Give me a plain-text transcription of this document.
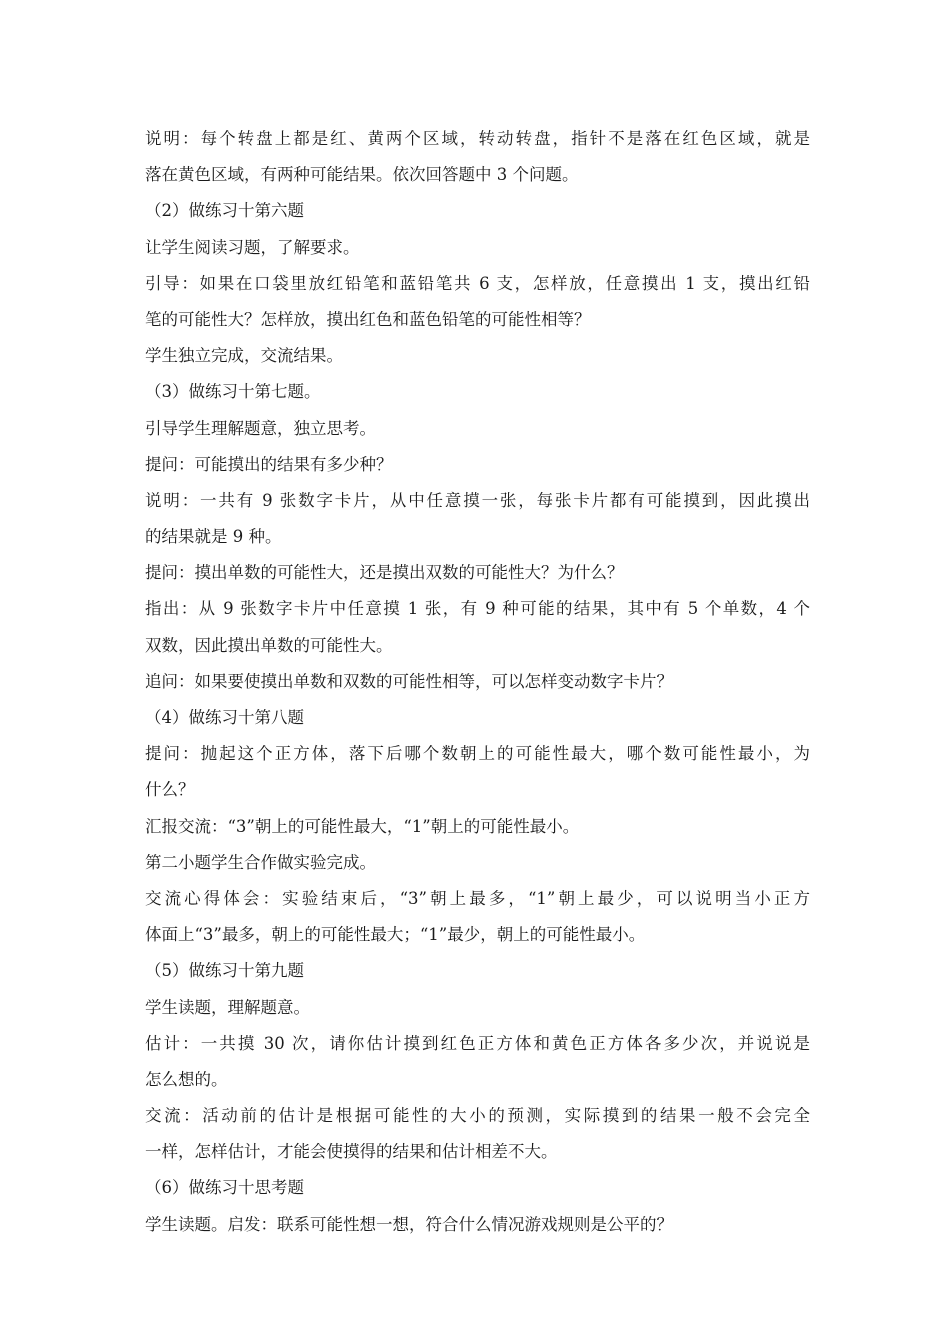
说明：每个转盘上都是红、黄两个区域，转动转盘，指针不是落在红色区域，就是
落在黄色区域，有两种可能结果。依次回答题中 3 个问题。
（2）做练习十第六题
让学生阅读习题，了解要求。
引导：如果在口袋里放红铅笔和蓝铅笔共 6 支，怎样放，任意摸出 1 支，摸出红铅
笔的可能性大？怎样放，摸出红色和蓝色铅笔的可能性相等？
学生独立完成，交流结果。
（3）做练习十第七题。
引导学生理解题意，独立思考。
提问：可能摸出的结果有多少种？
说明：一共有 9 张数字卡片，从中任意摸一张，每张卡片都有可能摸到，因此摸出
的结果就是 9 种。
提问：摸出单数的可能性大，还是摸出双数的可能性大？为什么？
指出：从 9 张数字卡片中任意摸 1 张，有 9 种可能的结果，其中有 5 个单数，4 个
双数，因此摸出单数的可能性大。
追问：如果要使摸出单数和双数的可能性相等，可以怎样变动数字卡片？
（4）做练习十第八题
提问：抛起这个正方体，落下后哪个数朝上的可能性最大，哪个数可能性最小，为
什么？
汇报交流：“3”朝上的可能性最大，“1”朝上的可能性最小。
第二小题学生合作做实验完成。
交流心得体会：实验结束后，“3”朝上最多，“1”朝上最少，可以说明当小正方
体面上“3”最多，朝上的可能性最大；“1”最少，朝上的可能性最小。
（5）做练习十第九题
学生读题，理解题意。
估计：一共摸 30 次，请你估计摸到红色正方体和黄色正方体各多少次，并说说是
怎么想的。
交流：活动前的估计是根据可能性的大小的预测，实际摸到的结果一般不会完全
一样，怎样估计，才能会使摸得的结果和估计相差不大。
（6）做练习十思考题
学生读题。启发：联系可能性想一想，符合什么情况游戏规则是公平的？
